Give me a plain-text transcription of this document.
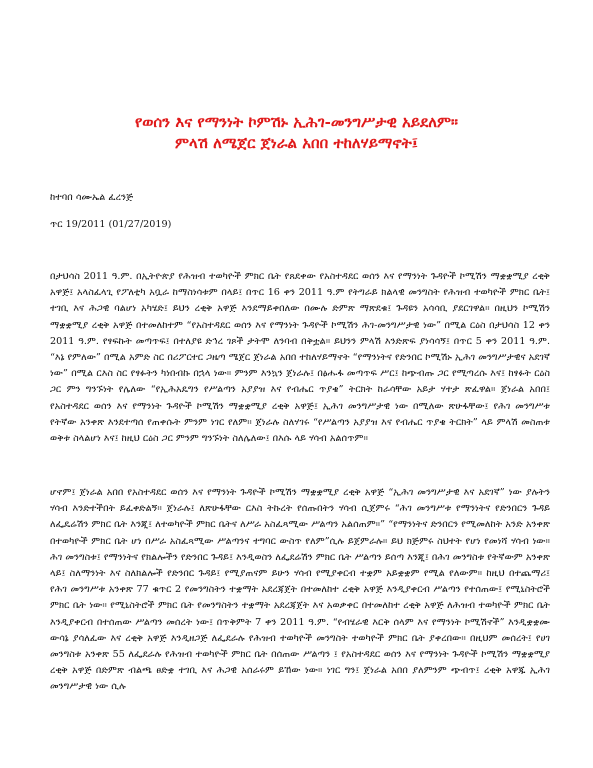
የወሰን እና የማንነት ኮምሽኑ ኢሕገ-መንግሥታዊ አይደለም።
ምላሽ ለሜጀር ጀነራል አበበ ተከለሃይማኖት፤
ከተባበ ሳሙኤል ፈረንጅ
ጥር 19/2011 (01/27/2019)

በታህሳስ 2011 ዓ.ም. በኢትዮጵያ የሕዝብ ተወካዮች ምክር ቤት የጸደቀው የአስተዳደር ወሰን እና የማንነት ጉዳዮች ኮሚሽን ማቋቋሚያ ረቂቅ አዋጅ፤ አላስፈላጊ የፖለቲካ አቧራ ከማስነሳቱም በላይ፤ በጥር 16 ቀን 2011 ዓ.ም የትግራይ ክልላዊ መንግስት የሕዝብ ተወካዮች ምክር ቤት፤ ተገቢ እና ሕጋዊ ባልሆነ አካሄድ፤ ይህን ረቂቅ አዋጅ እንደማይቀበለው በሙሉ ድምጽ ማጽደቁ፤ ጉዳዩን አሳሳቢ ያደርገዋል። በዚህን ኮሚሽን ማቋቋሚያ ረቂቅ አዋጅ በተመለከተም “የአስተዳደር ወሰን እና የማንነት ጉዳዮች ኮሚሽን ሕገ-መንግሥታዊ ነው” በሚል ርዕስ በታህሳስ 12 ቀን 2011 ዓ.ም. የፃፍኩት መጣጥፍ፤ በተለያዩ ድኅረ ገጾች ታትሞ ለንባብ በቅቷል። ይህንን ምላሽ እንድጽፍ ያነሳሳኝ፤ በጥር 5 ቀን 2011 ዓ.ም. “እኔ የምለው” በሚል አምድ ስር በሪፖርተር ጋዜጣ ሜጀር ጀነራል አበበ ተከለሃይማኖት “የማንነትና የድንበር ኮሚሽኑ ኢሕገ መንግሥታዊና አደገኛ ነው” በሚል ርእስ ስር የፃፉትን ካነበብኩ በኋላ ነው። ምንም እንኳን ጀነራሉ፤ በፅሑፋ መጣጥፍ ሥር፤ ከጭብጡ ጋር የሚጣረሱ እና፤ ከፃፉት ርዕስ ጋር ምን ግንኙነት የሌለው “የኢሕአዴግን የሥልጣን አያያዝ እና የብሔር ጥያቄ” ትርክት ከራሳቸው አይታ ሃተታ ጽፈዋል። ጀነራል አበበ፤ የአስተዳደር ወሰን እና የማንነት ጉዳዮች ኮሚሽን ማቋቋሚያ ረቂቅ አዋጅ፤ ኢሕገ መንግሥታዊ ነው በሚለው ጽሁፋቸው፤ የሕገ መንግሥቱ የትኛው አንቀጽ እንደተጣሰ የጠቀሱት ምንም ነገር የለም። ጀነራሉ ስለሃገሩ “የሥልጣን አያያዝ እና የብሔር ጥያቄ ትርክት” ላይ ምላሽ መስጠቱ ወቅቱ ስላልሆነ እና፤ ከዚህ ርዕስ ጋር ምንም ግንኙነት ስለሌለው፤ በእሱ ላይ ሃሳብ አልሰጥም።

ሆኖም፤ ጀነራል አበበ የአስተዳደር ወሰን እና የማንነት ጉዳዮች ኮሚሽን ማቋቋሚያ ረቂቅ አዋጅ “ኢሕገ መንግሥታዊ እና አደገኛ” ነው ያሉትን ሃሳብ እንድተችበት ይፈቀድልኝ። ጀነራሉ፤ ለጽሁፋቸው ርእስ ትኩረት የሰጡበትን ሃሳብ ሲጀምሩ “ሕገ መንግሥቱ የማንነትና የድንበርን ጉዳይ ለፌዴሬሽን ምክር ቤት እንጂ፤ ለተወካዮች ምክር ቤትና ለሥራ አስፈጻሚው ሥልጣን አልሰጠም።” “የማንነትና ድንበርን የሚመለከት አንድ አንቀጽ በተወካዮች ምክር ቤት ሆነ በሥራ አስፈጻሚው ሥልጣንና ተግባር ውስጥ የለም”ሲሉ ይጀምራሉ። ይህ ክጅምሩ ስህተት የሆነ የመነሻ ሃሳብ ነው። ሕገ መንግስቱ፤ የማንነትና የክልሎችን የድንበር ጉዳይ፤ እንዲወስን ለፌደሬሽን ምክር ቤት ሥልጣን ይሰጣ እንጂ፤ በሕገ መንግስቱ የትኛውም አንቀጽ ላይ፤ ስለማንነት እና ስለክልሎች የድንበር ጉዳይ፤ የሚያጠናም ይሁን ሃሳብ የሚያቀርብ ተቋም አይቋቋም የሚል የለውም። ከዚህ በተጨማሪ፤ የሕገ መንግሥቱ አንቀጽ 77 ቁጥር 2 የመንግስትን ተቋማት አደረጃጀት በተመለከተ ረቂቅ አዋጅ እንዲያቀርብ ሥልጣን የተሰጠው፤ የሚኒስትሮች ምክር ቤት ነው። የሚኒስትሮች ምክር ቤት የመንግስትን ተቋማት አደረጃጀት እና አወቃቀር በተመለከተ ረቂቅ አዋጅ ለሕዝብ ተወካዮች ምክር ቤት እንዲያቀርብ በተሰጠው ሥልጣን መሰረት ነው፤ በጥቅምት 7 ቀን 2011 ዓ.ም. “የብሄራዊ እርቅ ሰላም እና የማንነት ኮሚሽኖች” እንዲቋቋሙ ውሳኔ ያሳለፈው እና ረቂቅ አዋጅ እንዲዘጋጅ ለፌደራሉ የሕዝብ ተወካዮች መንግስት ተወካዮች ምክር ቤት ያቀረበው። በዚህም መሰረት፤ የሀገ መንግስቱ አንቀጽ 55 ለፌደራሉ የሕዝብ ተወካዮች ምክር ቤት በሰጠው ሥልጣን ፤ የአስተዳደር ወሰን እና የማንነት ጉዳዮች ኮሚሽን ማቋቋሚያ ረቂቅ አዋጅ በድምጽ ብልጫ ፀድቋ ተገቢ እና ሕጋዊ አሰራሩም ይኸው ነው። ነገር ግን፤ ጀነራል አበበ ያለምንም ጭብጥ፤ ረቂቅ አዋጁ ኢሕገ መንግሥታዊ ነው ሲሉ
